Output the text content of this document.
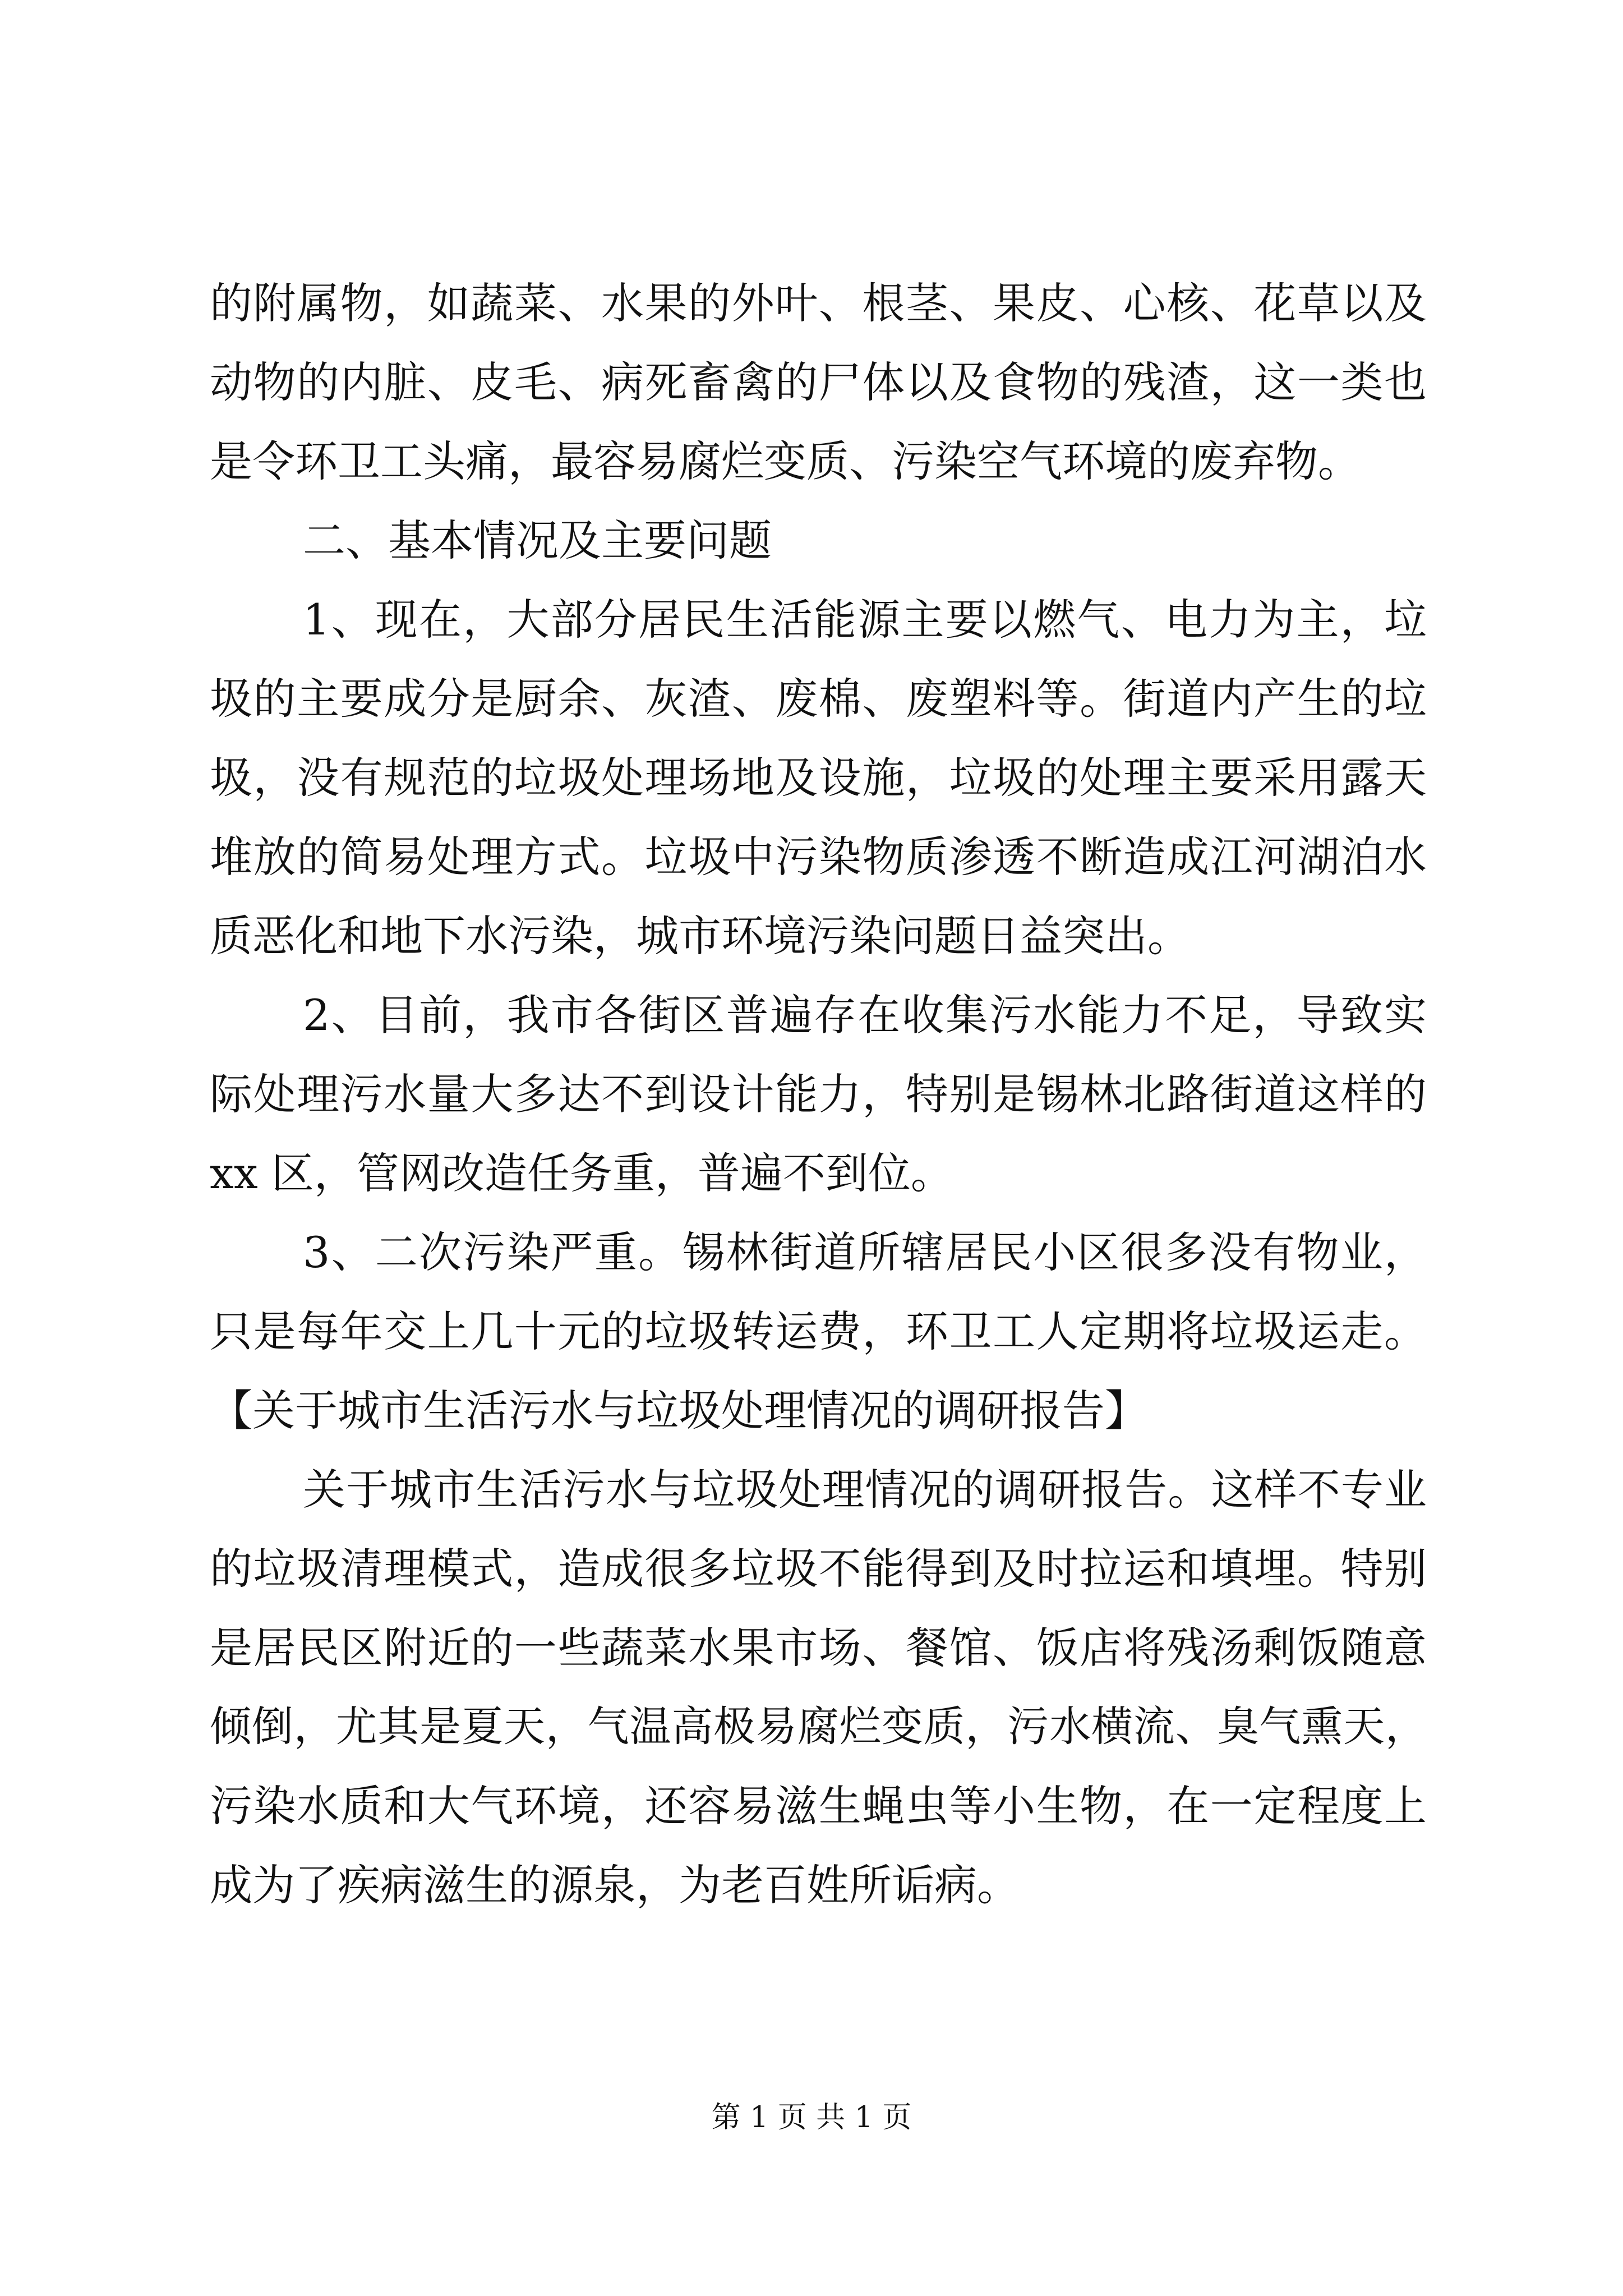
的附属物，如蔬菜、水果的外叶、根茎、果皮、心核、花草以及
动物的内脏、皮毛、病死畜禽的尸体以及食物的残渣，这一类也
是令环卫工头痛，最容易腐烂变质、污染空气环境的废弃物。
二、基本情况及主要问题
1、现在，大部分居民生活能源主要以燃气、电力为主，垃
圾的主要成分是厨余、灰渣、废棉、废塑料等。街道内产生的垃
圾，没有规范的垃圾处理场地及设施，垃圾的处理主要采用露天
堆放的简易处理方式。垃圾中污染物质渗透不断造成江河湖泊水
质恶化和地下水污染，城市环境污染问题日益突出。
2、目前，我市各街区普遍存在收集污水能力不足，导致实
际处理污水量大多达不到设计能力，特别是锡林北路街道这样的
xx 区，管网改造任务重，普遍不到位。
3、二次污染严重。锡林街道所辖居民小区很多没有物业，
只是每年交上几十元的垃圾转运费，环卫工人定期将垃圾运走。
【关于城市生活污水与垃圾处理情况的调研报告】
关于城市生活污水与垃圾处理情况的调研报告。这样不专业
的垃圾清理模式，造成很多垃圾不能得到及时拉运和填埋。特别
是居民区附近的一些蔬菜水果市场、餐馆、饭店将残汤剩饭随意
倾倒，尤其是夏天，气温高极易腐烂变质，污水横流、臭气熏天，
污染水质和大气环境，还容易滋生蝇虫等小生物，在一定程度上
成为了疾病滋生的源泉，为老百姓所诟病。
第 1 页 共 1 页
